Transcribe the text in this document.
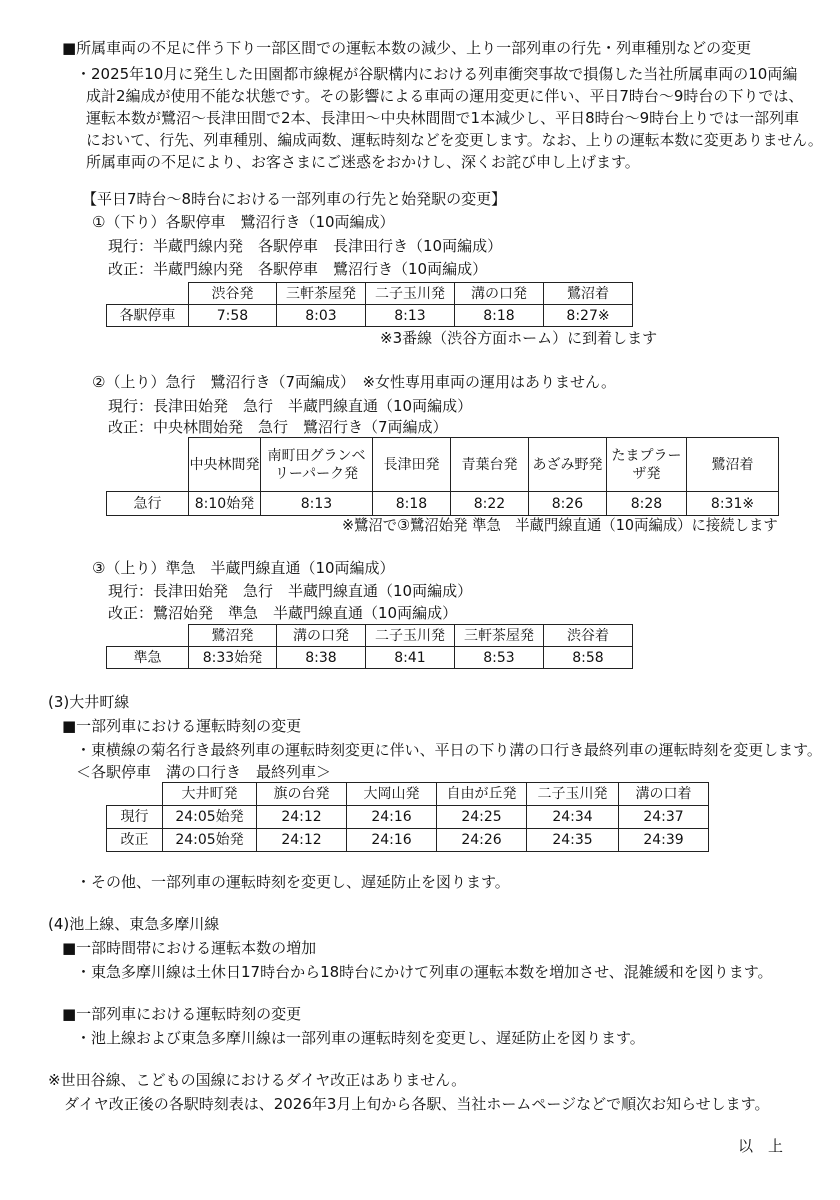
■所属車両の不足に伴う下り一部区間での運転本数の減少、上り一部列車の行先・列車種別などの変更
・2025年10月に発生した田園都市線梶が谷駅構内における列車衝突事故で損傷した当社所属車両の10両編
成計2編成が使用不能な状態です。その影響による車両の運用変更に伴い、平日7時台～9時台の下りでは、
運転本数が鷺沼～長津田間で2本、長津田～中央林間間で1本減少し、平日8時台～9時台上りでは一部列車
において、行先、列車種別、編成両数、運転時刻などを変更します。なお、上りの運転本数に変更ありません。
所属車両の不足により、お客さまにご迷惑をおかけし、深くお詫び申し上げます。
【平日7時台～8時台における一部列車の行先と始発駅の変更】
①（下り）各駅停車　鷺沼行き（10両編成）
現行：半蔵門線内発　各駅停車　長津田行き（10両編成）
改正：半蔵門線内発　各駅停車　鷺沼行き（10両編成）
	渋谷発	三軒茶屋発	二子玉川発	溝の口発	鷺沼着
各駅停車	7:58	8:03	8:13	8:18	8:27※
※3番線（渋谷方面ホーム）に到着します
②（上り）急行　鷺沼行き（7両編成）　※女性専用車両の運用はありません。
現行：長津田始発　急行　半蔵門線直通（10両編成）
改正：中央林間始発　急行　鷺沼行き（7両編成）
	中央林間発	南町田グランベリーパーク発	長津田発	青葉台発	あざみ野発	たまプラーザ発	鷺沼着
急行	8:10始発	8:13	8:18	8:22	8:26	8:28	8:31※
※鷺沼で③鷺沼始発 準急　半蔵門線直通（10両編成）に接続します
③（上り）準急　半蔵門線直通（10両編成）
現行：長津田始発　急行　半蔵門線直通（10両編成）
改正：鷺沼始発　準急　半蔵門線直通（10両編成）
	鷺沼発	溝の口発	二子玉川発	三軒茶屋発	渋谷着
準急	8:33始発	8:38	8:41	8:53	8:58
(3)大井町線
■一部列車における運転時刻の変更
・東横線の菊名行き最終列車の運転時刻変更に伴い、平日の下り溝の口行き最終列車の運転時刻を変更します。
＜各駅停車　溝の口行き　最終列車＞
	大井町発	旗の台発	大岡山発	自由が丘発	二子玉川発	溝の口着
現行	24:05始発	24:12	24:16	24:25	24:34	24:37
改正	24:05始発	24:12	24:16	24:26	24:35	24:39
・その他、一部列車の運転時刻を変更し、遅延防止を図ります。
(4)池上線、東急多摩川線
■一部時間帯における運転本数の増加
・東急多摩川線は土休日17時台から18時台にかけて列車の運転本数を増加させ、混雑緩和を図ります。
■一部列車における運転時刻の変更
・池上線および東急多摩川線は一部列車の運転時刻を変更し、遅延防止を図ります。
※世田谷線、こどもの国線におけるダイヤ改正はありません。
ダイヤ改正後の各駅時刻表は、2026年3月上旬から各駅、当社ホームページなどで順次お知らせします。
以　上
